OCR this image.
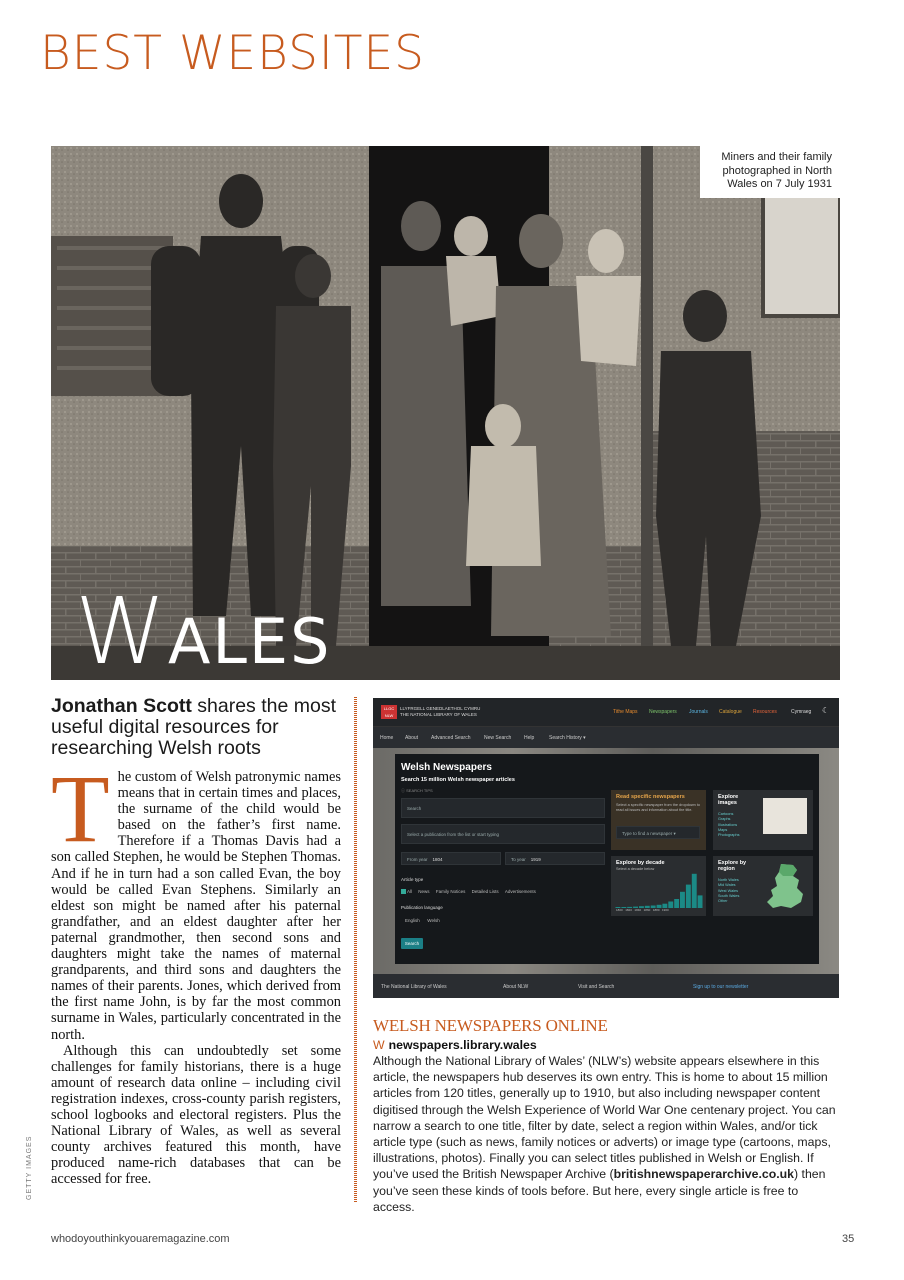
BEST WEBSITES
Miners and their family photographed in North Wales on 7 July 1931
WALES
Jonathan Scott shares the most useful digital resources for researching Welsh roots

The custom of Welsh patronymic names means that in certain times and places, the surname of the child would be based on the father’s first name. Therefore if a Thomas Davis had a son called Stephen, he would be Stephen Thomas. And if he in turn had a son called Evan, the boy would be called Evan Stephens. Similarly an eldest son might be named after his paternal grandfather, and an eldest daughter after her paternal grandmother, then second sons and daughters might take the names of maternal grandparents, and third sons and daughters the names of their parents. Jones, which derived from the first name John, is by far the most common surname in Wales, particularly concentrated in the north.

Although this can undoubtedly set some challenges for family historians, there is a huge amount of research data online – including civil registration indexes, cross-county parish registers, school logbooks and electoral registers. Plus the National Library of Wales, as well as several county archives featured this month, have produced name-rich databases that can be accessed for free.

GETTY IMAGES
LLGC NLW
LLYFRGELL GENEDLAETHOL CYMRU
THE NATIONAL LIBRARY OF WALES	Tithe Maps Newspapers Journals Catalogue Resources	Cymraeg ☾
Home About	Advanced Search	New Search	Help	Search History ▾
Welsh Newspapers
Search 15 million Welsh newspaper articles
ⓘ SEARCH TIPS
Search
Select a publication from the list or start typing
From year 1804	To year 1919
Article type
All News Family Notices Detailed Lists Advertisements
Publication language
English Welsh
Search
Read specific newspapers
Select a specific newspaper from the dropdown to read all issues and information about the title.
Type to find a newspaper ▾
Explore images
Cartoons
Graphs
Illustrations
Maps
Photographs
Explore by decade
Select a decade below
1800 1820 1840 1860 1880 1900
Explore by region
North Wales
Mid Wales
West Wales
South Wales
Other
The National Library of Wales	About NLW	Visit and Search	Sign up to our newsletter
WELSH NEWSPAPERS ONLINE
W newspapers.library.wales
Although the National Library of Wales’ (NLW’s) website appears elsewhere in this article, the newspapers hub deserves its own entry. This is home to about 15 million articles from 120 titles, generally up to 1910, but also including newspaper content digitised through the Welsh Experience of World War One centenary project. You can narrow a search to one title, filter by date, select a region within Wales, and/or tick article type (such as news, family notices or adverts) or image type (cartoons, maps, illustrations, photos). Finally you can select titles published in Welsh or English. If you’ve used the British Newspaper Archive (britishnewspaperarchive.co.uk) then you’ve seen these kinds of tools before. But here, every single article is free to access.
whodoyouthinkyouaremagazine.com	35
